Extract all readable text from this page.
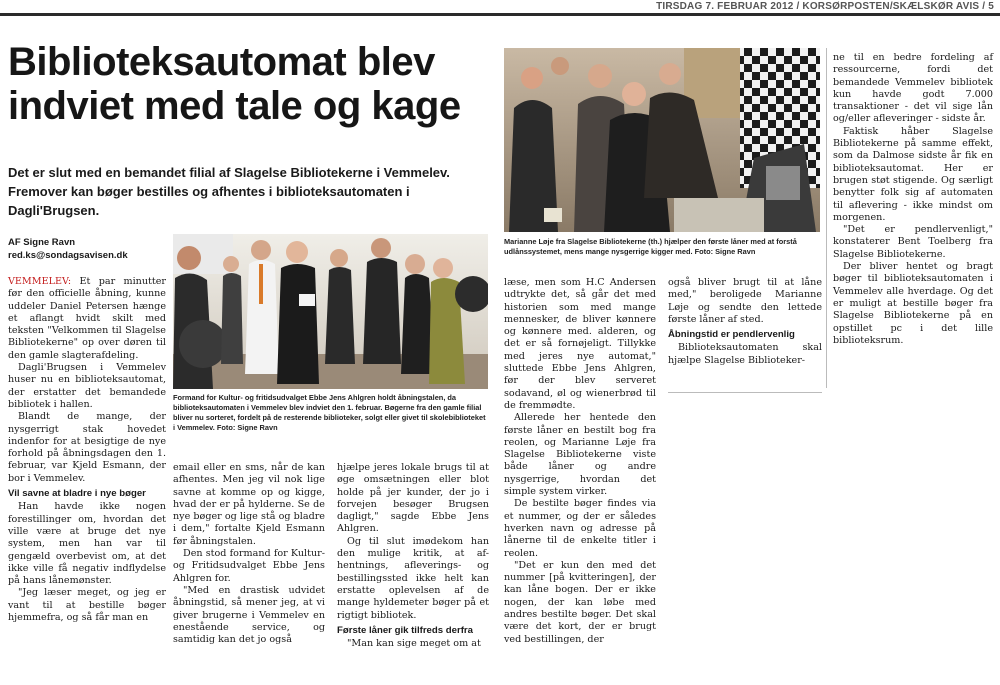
TIRSDAG 7. FEBRUAR 2012 / KORSØRPOSTEN/SKÆLSKØR AVIS / 5
Biblioteksautomat blev indviet med tale og kage

Det er slut med en bemandet filial af Slagelse Bibliotekerne i Vemmelev. Fremover kan bøger bestilles og afhentes i biblioteksautomaten i Dagli'Brugsen.

AF Signe Ravn
red.ks@sondagsavisen.dk
Marianne Løje fra Slagelse Bibliotekerne (th.) hjælper den første låner med at forstå udlånssystemet, mens mange nysgerrige kigger med. Foto: Signe Ravn
Formand for Kultur- og fritidsudvalget Ebbe Jens Ahlgren holdt åbningstalen, da biblioteksautomaten i Vemmelev blev indviet den 1. februar. Bøgerne fra den gamle filial bliver nu sorteret, fordelt på de resterende biblioteker, solgt eller givet til skolebiblioteket i Vemmelev. Foto: Signe Ravn

VEMMELEV: Et par minutter før den officielle åbning, kunne uddeler Daniel Petersen hænge et aflangt hvidt skilt med teksten "Velkommen til Slagelse Bibliotekerne" op over døren til den gamle slagterafdeling.

Dagli'Brugsen i Vemmelev huser nu en biblioteksautomat, der erstatter det bemandede bibliotek i hallen.

Blandt de mange, der nysgerrigt stak hovedet indenfor for at besigtige de nye forhold på åbningsdagen den 1. februar, var Kjeld Esmann, der bor i Vemmelev.

Vil savne at bladre i nye bøger

Han havde ikke nogen forestillinger om, hvordan det ville være at bruge det nye system, men han var til gengæld overbevist om, at det ikke ville få negativ indflydelse på hans lånemønster.

"Jeg læser meget, og jeg er vant til at bestille bøger hjemmefra, og så får man en

email eller en sms, når de kan afhentes. Men jeg vil nok lige savne at komme op og kigge, hvad der er på hylderne. Se de nye bøger og lige stå og bladre i dem," fortalte Kjeld Esmann før åbningstalen.

Den stod formand for Kultur- og Fritidsudvalget Ebbe Jens Ahlgren for.

"Med en drastisk udvidet åbningstid, så mener jeg, at vi giver brugerne i Vemmelev en enestående service, og samtidig kan det jo også

hjælpe jeres lokale brugs til at øge omsætningen eller blot holde på jer kunder, der jo i forvejen besøger Brugsen dagligt," sagde Ebbe Jens Ahlgren.

Og til slut imødekom han den mulige kritik, at af-hentnings, afleverings- og bestillingssted ikke helt kan erstatte oplevelsen af de mange hyldemeter bøger på et rigtigt bibliotek.

Første låner gik tilfreds derfra

"Man kan sige meget om at

læse, men som H.C Andersen udtrykte det, så går det med historien som med mange mennesker, de bliver kønnere og kønnere med. alderen, og det er så fornøjeligt. Tillykke med jeres nye automat," sluttede Ebbe Jens Ahlgren, før der blev serveret sodavand, øl og wienerbrød til de fremmødte.

Allerede her hentede den første låner en bestilt bog fra reolen, og Marianne Løje fra Slagelse Bibliotekerne viste både låner og andre nysgerrige, hvordan det simple system virker.

De bestilte bøger findes via et nummer, og der er således hverken navn og adresse på lånerne til de enkelte titler i reolen.

"Det er kun den med det nummer [på kvitteringen], der kan låne bogen. Der er ikke nogen, der kan løbe med andres bestilte bøger. Det skal være det kort, der er brugt ved bestillingen, der

også bliver brugt til at låne med," beroligede Marianne Løje og sendte den lettede første låner af sted.

Åbningstid er pendlervenlig

Biblioteksautomaten skal hjælpe Slagelse Biblioteker-

ne til en bedre fordeling af ressourcerne, fordi det bemandede Vemmelev bibliotek kun havde godt 7.000 transaktioner - det vil sige lån og/eller afleveringer - sidste år.

Faktisk håber Slagelse Bibliotekerne på samme effekt, som da Dalmose sidste år fik en biblioteksautomat. Her er brugen støt stigende. Og særligt benytter folk sig af automaten til aflevering - ikke mindst om morgenen.

"Det er pendlervenligt," konstaterer Bent Toelberg fra Slagelse Bibliotekerne.

Der bliver hentet og bragt bøger til biblioteksautomaten i Vemmelev alle hverdage. Og det er muligt at bestille bøger fra Slagelse Bibliotekerne på en opstillet pc i det lille biblioteksrum.
